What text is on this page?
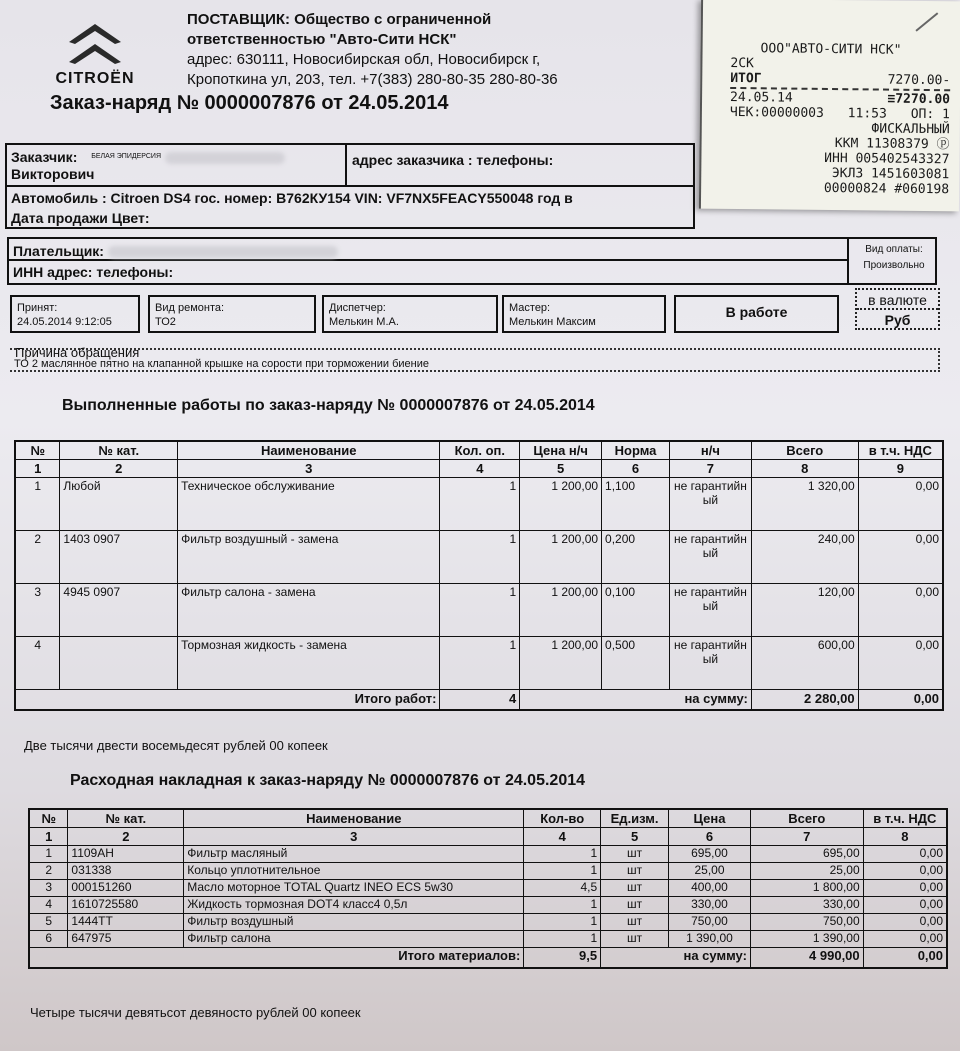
CITROËN
ПОСТАВЩИК: Общество с ограниченной
ответственностью "Авто-Сити НСК"
адрес: 630111, Новосибирская обл, Новосибирск г,
Кропоткина ул, 203, тел. +7(383) 280-80-35 280-80-36
Заказ-наряд № 0000007876 от 24.05.2014
ООО"АВТО-СИТИ НСК"
2СК
ИТОГ	7270.00-
24.05.14	≡7270.00
ЧЕК:00000003 11:53 ОП: 1
ФИСКАЛЬНЫЙ
ККМ 11308379 ⓟ
ИНН 005402543327
ЭКЛЗ 1451603081
00000824 #060198
Заказчик: $^{БЕЛАЯ ЭПИДЕРСИЯ}$
Викторович
адрес заказчика : телефоны:
Автомобиль : Citroen DS4 гос. номер: В762КУ154 VIN: VF7NX5FEACY550048 год в
Дата продажи Цвет:
Плательщик:
ИНН адрес: телефоны:
Вид оплаты:
Произвольно
Принят:
24.05.2014 9:12:05
Вид ремонта:
ТО2
Диспетчер:
Мелькин М.А.
Мастер:
Мелькин Максим
В работе
в валюте
Руб
Причина обращения
ТО 2 маслянное пятно на клапанной крышке на сорости при торможении биение
Выполненные работы по заказ-наряду № 0000007876 от 24.05.2014
№	№ кат.	Наименование	Кол. оп.	Цена н/ч	Норма	н/ч	Всего	в т.ч. НДС
1	2	3	4	5	6	7	8	9
1	Любой	Техническое обслуживание	1	1 200,00	1,100	не гарантийн ый	1 320,00	0,00
2	1403 0907	Фильтр воздушный - замена	1	1 200,00	0,200	не гарантийн ый	240,00	0,00
3	4945 0907	Фильтр салона - замена	1	1 200,00	0,100	не гарантийн ый	120,00	0,00
4		Тормозная жидкость - замена	1	1 200,00	0,500	не гарантийн ый	600,00	0,00
Итого работ:			4	на сумму:			2 280,00	0,00
Две тысячи двести восемьдесят рублей 00 копеек
Расходная накладная к заказ-наряду № 0000007876 от 24.05.2014
№	№ кат.	Наименование	Кол-во	Ед.изм.	Цена	Всего	в т.ч. НДС
1	2	3	4	5	6	7	8
1	1109AH	Фильтр масляный	1	шт	695,00	695,00	0,00
2	031338	Кольцо уплотнительное	1	шт	25,00	25,00	0,00
3	000151260	Масло моторное TOTAL Quartz INEO ECS 5w30	4,5	шт	400,00	1 800,00	0,00
4	1610725580	Жидкость тормозная DOT4 класс4 0,5л	1	шт	330,00	330,00	0,00
5	1444TT	Фильтр воздушный	1	шт	750,00	750,00	0,00
6	647975	Фильтр салона	1	шт	1 390,00	1 390,00	0,00
Итого материалов:			9,5	на сумму:		4 990,00	0,00
Четыре тысячи девятьсот девяносто рублей 00 копеек
